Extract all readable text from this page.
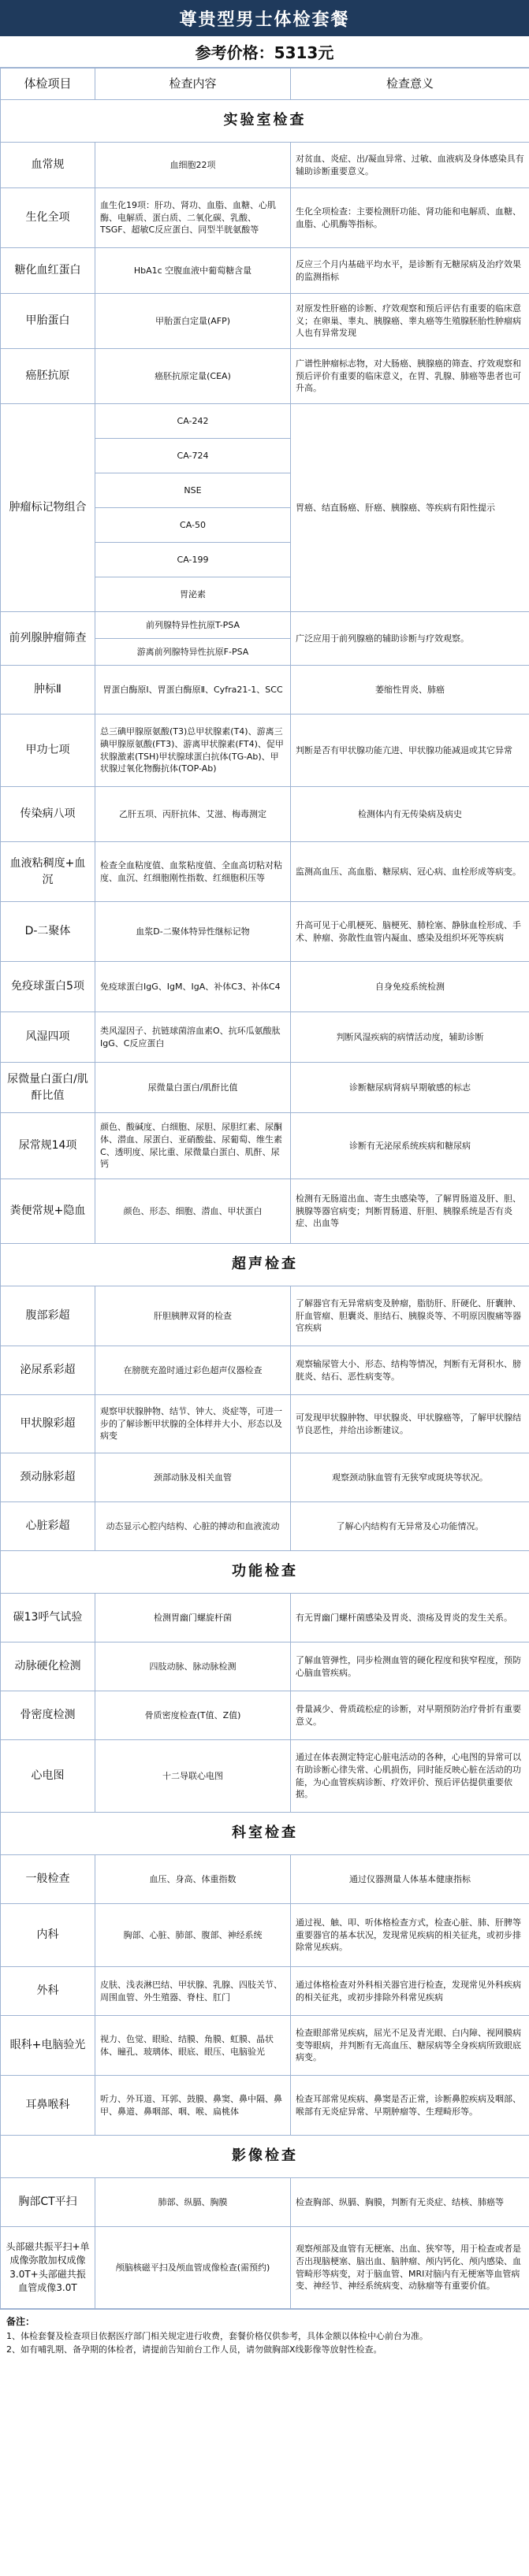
尊贵型男士体检套餐
参考价格：5313元
体检项目	检查内容	检查意义
实验室检查		
血常规	血细胞22项	对贫血、炎症、出/凝血异常、过敏、血液病及身体感染具有辅助诊断重要意义。
生化全项	血生化19项：肝功、肾功、血脂、血糖、心肌酶、电解质、蛋白质、二氧化碳、乳酸、TSGF、超敏C反应蛋白、同型半胱氨酸等	生化全项检查：主要检测肝功能、肾功能和电解质、血糖、血脂、心肌酶等指标。
糖化血红蛋白	HbA1c 空腹血液中葡萄糖含量	反应三个月内基础平均水平，是诊断有无糖尿病及治疗效果的监测指标
甲胎蛋白	甲胎蛋白定量(AFP)	对原发性肝癌的诊断、疗效观察和预后评估有重要的临床意义；在卵巢、睾丸、胰腺癌、睾丸癌等生殖腺胚胎性肿瘤病人也有异常发现
癌胚抗原	癌胚抗原定量(CEA)	广谱性肿瘤标志物，对大肠癌、胰腺癌的筛查、疗效观察和预后评价有重要的临床意义，在胃、乳腺、肺癌等患者也可升高。
肿瘤标记物组合	CA-242	胃癌、结直肠癌、肝癌、胰腺癌、等疾病有阳性提示
	CA-724	
	NSE	
	CA-50	
	CA-199	
	胃泌素	
前列腺肿瘤筛查	前列腺特异性抗原T-PSA	广泛应用于前列腺癌的辅助诊断与疗效观察。
	游离前列腺特异性抗原F-PSA	
肿标Ⅱ	胃蛋白酶原Ⅰ、胃蛋白酶原Ⅱ、Cyfra21-1、SCC	萎缩性胃炎、肺癌
甲功七项	总三碘甲腺原氨酸(T3)总甲状腺素(T4)、游离三碘甲腺原氨酸(FT3)、游离甲状腺素(FT4)、促甲状腺激素(TSH)甲状腺球蛋白抗体(TG-Ab)、甲状腺过氧化物酶抗体(TOP-Ab)	判断是否有甲状腺功能亢进、甲状腺功能减退或其它异常
传染病八项	乙肝五项、丙肝抗体、艾滋、梅毒测定	检测体内有无传染病及病史
血液粘稠度+血沉	检查全血粘度值、血浆粘度值、全血高切粘对粘度、血沉、红细胞刚性指数、红细胞积压等	监测高血压、高血脂、糖尿病、冠心病、血栓形成等病变。
D-二聚体	血浆D-二聚体特异性继标记物	升高可见于心肌梗死、脑梗死、肺栓塞、静脉血栓形成、手术、肿瘤、弥散性血管内凝血、感染及组织坏死等疾病
免疫球蛋白5项	免疫球蛋白IgG、IgM、IgA、补体C3、补体C4	自身免疫系统检测
风湿四项	类风湿因子、抗链球菌溶血素O、抗环瓜氨酸肽IgG、C反应蛋白	判断风湿疾病的病情活动度，辅助诊断
尿微量白蛋白/肌酐比值	尿微量白蛋白/肌酐比值	诊断糖尿病肾病早期敏感的标志
尿常规14项	颜色、酸碱度、白细胞、尿胆、尿胆红素、尿酮体、潜血、尿蛋白、亚硝酸盐、尿葡萄、维生素C、透明度、尿比重、尿微量白蛋白、肌酐、尿钙	诊断有无泌尿系统疾病和糖尿病
粪便常规+隐血	颜色、形态、细胞、潜血、甲状蛋白	检测有无肠道出血、寄生虫感染等，了解胃肠道及肝、胆、胰腺等器官病变；判断胃肠道、肝胆、胰腺系统是否有炎症、出血等
超声检查		
腹部彩超	肝胆胰脾双肾的检查	了解器官有无异常病变及肿瘤，脂肪肝、肝硬化、肝囊肿、肝血管瘤、胆囊炎、胆结石、胰腺炎等、不明原因腹痛等器官疾病
泌尿系彩超	在膀胱充盈时通过彩色超声仪器检查	观察输尿管大小、形态、结构等情况，判断有无肾积水、膀胱炎、结石、恶性病变等。
甲状腺彩超	观察甲状腺肿物、结节、钟大、炎症等，可进一步的了解诊断甲状腺的全体样并大小、形态以及病变	可发现甲状腺肿物、甲状腺炎、甲状腺癌等，了解甲状腺结节良恶性，并给出诊断建议。
颈动脉彩超	颈部动脉及相关血管	观察颈动脉血管有无狭窄或斑块等状况。
心脏彩超	动态显示心腔内结构、心脏的搏动和血液流动	了解心内结构有无异常及心功能情况。
功能检查		
碳13呼气试验	检测胃幽门螺旋杆菌	有无胃幽门螺杆菌感染及胃炎、溃疡及胃炎的发生关系。
动脉硬化检测	四肢动脉、脉动脉检测	了解血管弹性，同步检测血管的硬化程度和狭窄程度，预防心脑血管疾病。
骨密度检测	骨质密度检查(T值、Z值)	骨量减少、骨质疏松症的诊断，对早期预防治疗骨折有重要意义。
心电图	十二导联心电图	通过在体表测定特定心脏电活动的各种，心电图的异常可以有助诊断心律失常、心肌损伤，同时能反映心脏在活动的功能，为心血管疾病诊断、疗效评价、预后评估提供重要依据。
科室检查		
一般检查	血压、身高、体重指数	通过仪器测量人体基本健康指标
内科	胸部、心脏、肺部、腹部、神经系统	通过视、触、叩、听体格检查方式，检查心脏、肺、肝脾等重要器官的基本状况，发现常见疾病的相关征兆，或初步排除常见疾病。
外科	皮肤、浅表淋巴结、甲状腺、乳腺、四肢关节、周围血管、外生殖器、脊柱、肛门	通过体格检查对外科相关器官进行检查，发现常见外科疾病的相关征兆，或初步排除外科常见疾病
眼科+电脑验光	视力、色觉、眼睑、结膜、角膜、虹膜、晶状体、瞳孔、玻璃体、眼底、眼压、电脑验光	检查眼部常见疾病，屈光不足及青光眼、白内障、视网膜病变等眼病，并判断有无高血压、糖尿病等全身疾病所致眼底病变。
耳鼻喉科	听力、外耳道、耳郭、鼓膜、鼻窦、鼻中隔、鼻甲、鼻道、鼻咽部、咽、喉、扁桃体	检查耳部常见疾病、鼻窦是否正常，诊断鼻腔疾病及咽部、喉部有无炎症异常、早期肿瘤等、生理畸形等。
影像检查		
胸部CT平扫	肺部、纵膈、胸膜	检查胸部、纵膈、胸膜，判断有无炎症、结核、肺癌等
头部磁共振平扫+单成像弥散加权成像3.0T+头部磁共振血管成像3.0T	颅脑核磁平扫及颅血管成像检查(需预约)	观察颅部及血管有无梗塞、出血、狭窄等，用于检查或者是否出现脑梗塞、脑出血、脑肿瘤、颅内钙化、颅内感染、血管畸形等病变，对于脑血管、MRI对脑内有无梗塞等血管病变、神经节、神经系统病变、动脉瘤等有重要价值。
备注：
1、体检套餐及检查项目依据医疗部门相关规定进行收费，套餐价格仅供参考，具体金额以体检中心前台为准。
2、如有哺乳期、备孕期的体检者，请提前告知前台工作人员，请勿做胸部X线影像等放射性检查。
